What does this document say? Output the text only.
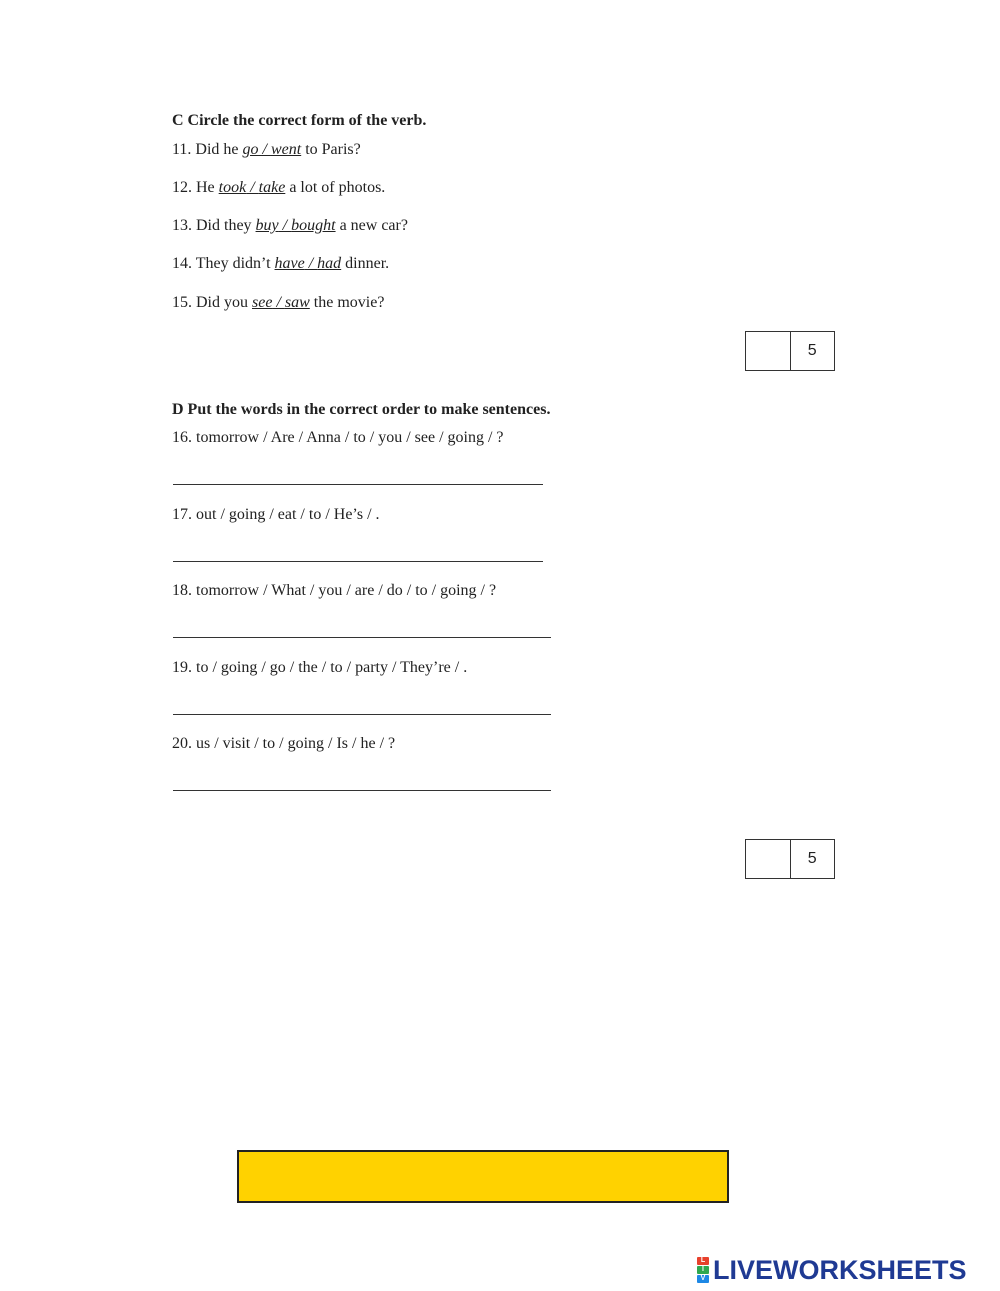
C Circle the correct form of the verb.
11. Did he go / went to Paris?
12. He took / take a lot of photos.
13. Did they buy / bought a new car?
14. They didn’t have / had dinner.
15. Did you see / saw the movie?
5
D Put the words in the correct order to make sentences.
16. tomorrow / Are / Anna / to / you / see / going / ?
17. out / going / eat / to / He’s / .
18. tomorrow / What / you / are / do / to / going / ?
19. to / going / go / the / to / party / They’re / .
20. us / visit / to / going / Is / he / ?
5
L
I
V LIVEWORKSHEETS
